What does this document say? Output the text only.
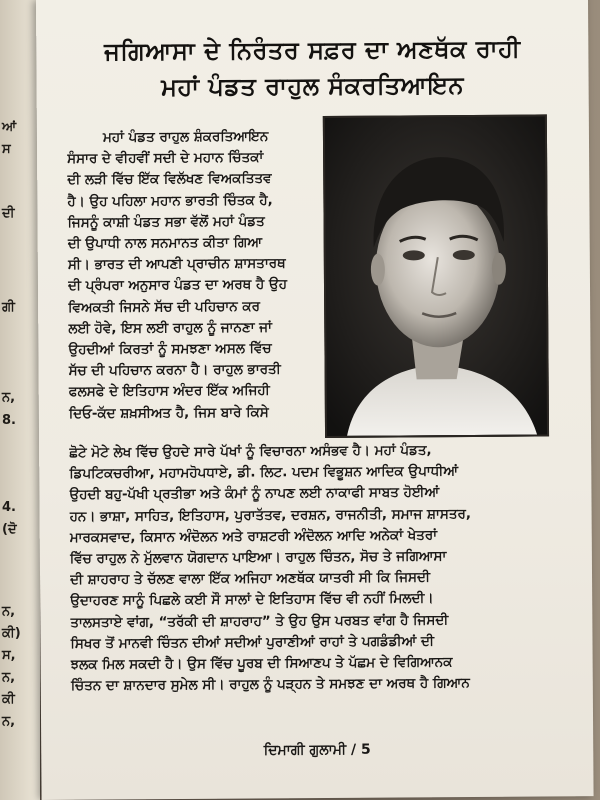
ਆਂ
ਸ
ਦੀ
ਗੀ
ਨ,
8.
4.
(ਦੋ
ਨ,
ਕੀ)
ਸ,
ਨ,
ਕੀ
ਨ,
ਜਗਿਆਸਾ ਦੇ ਨਿਰੰਤਰ ਸਫ਼ਰ ਦਾ ਅਣਥੱਕ ਰਾਹੀ
ਮਹਾਂ ਪੰਡਤ ਰਾਹੁਲ ਸੰਕਰਤਿਆਇਨ
ਮਹਾਂ ਪੰਡਤ ਰਾਹੁਲ ਸ਼ੰਕਰਤਿਆਇਨ
ਸੰਸਾਰ ਦੇ ਵੀਹਵੀਂ ਸਦੀ ਦੇ ਮਹਾਨ ਚਿੰਤਕਾਂ
ਦੀ ਲੜੀ ਵਿੱਚ ਇੱਕ ਵਿਲੱਖਣ ਵਿਅਕਤਿਤਵ
ਹੈ। ਉਹ ਪਹਿਲਾ ਮਹਾਨ ਭਾਰਤੀ ਚਿੰਤਕ ਹੈ,
ਜਿਸਨੂੰ ਕਾਸ਼ੀ ਪੰਡਤ ਸਭਾ ਵੱਲੋਂ ਮਹਾਂ ਪੰਡਤ
ਦੀ ਉਪਾਧੀ ਨਾਲ ਸਨਮਾਨਤ ਕੀਤਾ ਗਿਆ
ਸੀ। ਭਾਰਤ ਦੀ ਆਪਣੀ ਪ੍ਰਾਚੀਨ ਸ਼ਾਸਤਾਰਥ
ਦੀ ਪ੍ਰੰਪਰਾ ਅਨੁਸਾਰ ਪੰਡਤ ਦਾ ਅਰਥ ਹੈ ਉਹ
ਵਿਅਕਤੀ ਜਿਸਨੇ ਸੱਚ ਦੀ ਪਹਿਚਾਨ ਕਰ
ਲਈ ਹੋਵੇ, ਇਸ ਲਈ ਰਾਹੁਲ ਨੂੰ ਜਾਨਣਾ ਜਾਂ
ਉਹਦੀਆਂ ਕਿਰਤਾਂ ਨੂੰ ਸਮਝਣਾ ਅਸਲ ਵਿੱਚ
ਸੱਚ ਦੀ ਪਹਿਚਾਨ ਕਰਨਾ ਹੈ। ਰਾਹੁਲ ਭਾਰਤੀ
ਫਲਸਫੇ ਦੇ ਇਤਿਹਾਸ ਅੰਦਰ ਇੱਕ ਅਜਿਹੀ
ਦਿਓ-ਕੱਦ ਸ਼ਖ਼ਸੀਅਤ ਹੈ, ਜਿਸ ਬਾਰੇ ਕਿਸੇ
ਛੋਟੇ ਮੋਟੇ ਲੇਖ ਵਿੱਚ ਉਹਦੇ ਸਾਰੇ ਪੱਖਾਂ ਨੂੰ ਵਿਚਾਰਨਾ ਅਸੰਭਵ ਹੈ। ਮਹਾਂ ਪੰਡਤ,
ਡਿਪਟਿਕਚਰੀਆ, ਮਹਾਮਹੋਪਧਾਏ, ਡੀ. ਲਿਟ. ਪਦਮ ਵਿਭੂਸ਼ਨ ਆਦਿਕ ਉਪਾਧੀਆਂ
ਉਹਦੀ ਬਹੁ-ਪੱਖੀ ਪ੍ਰਤੀਭਾ ਅਤੇ ਕੰਮਾਂ ਨੂੰ ਨਾਪਣ ਲਈ ਨਾਕਾਫੀ ਸਾਬਤ ਹੋਈਆਂ
ਹਨ। ਭਾਸ਼ਾ, ਸਾਹਿਤ, ਇਤਿਹਾਸ, ਪੁਰਾਤੱਤਵ, ਦਰਸ਼ਨ, ਰਾਜਨੀਤੀ, ਸਮਾਜ ਸ਼ਾਸਤਰ,
ਮਾਰਕਸਵਾਦ, ਕਿਸਾਨ ਅੰਦੋਲਨ ਅਤੇ ਰਾਸ਼ਟਰੀ ਅੰਦੋਲਨ ਆਦਿ ਅਨੇਕਾਂ ਖੇਤਰਾਂ
ਵਿੱਚ ਰਾਹੁਲ ਨੇ ਮੁੱਲਵਾਨ ਯੋਗਦਾਨ ਪਾਇਆ। ਰਾਹੁਲ ਚਿੰਤਨ, ਸੋਚ ਤੇ ਜਗਿਆਸਾ
ਦੀ ਸ਼ਾਹਰਾਹ ਤੇ ਚੱਲਣ ਵਾਲਾ ਇੱਕ ਅਜਿਹਾ ਅਣਥੱਕ ਯਾਤਰੀ ਸੀ ਕਿ ਜਿਸਦੀ
ਉਦਾਹਰਣ ਸਾਨੂੰ ਪਿਛਲੇ ਕਈ ਸੌ ਸਾਲਾਂ ਦੇ ਇਤਿਹਾਸ ਵਿੱਚ ਵੀ ਨਹੀਂ ਮਿਲਦੀ।
ਤਾਲਸਤਾਏ ਵਾਂਗ, “ਤਰੱਕੀ ਦੀ ਸ਼ਾਹਰਾਹ” ਤੇ ਉਹ ਉਸ ਪਰਬਤ ਵਾਂਗ ਹੈ ਜਿਸਦੀ
ਸਿਖਰ ਤੋਂ ਮਾਨਵੀ ਚਿੰਤਨ ਦੀਆਂ ਸਦੀਆਂ ਪੁਰਾਣੀਆਂ ਰਾਹਾਂ ਤੇ ਪਗਡੰਡੀਆਂ ਦੀ
ਝਲਕ ਮਿਲ ਸਕਦੀ ਹੈ। ਉਸ ਵਿੱਚ ਪੂਰਬ ਦੀ ਸਿਆਣਪ ਤੇ ਪੱਛਮ ਦੇ ਵਿਗਿਆਨਕ
ਚਿੰਤਨ ਦਾ ਸ਼ਾਨਦਾਰ ਸੁਮੇਲ ਸੀ। ਰਾਹੁਲ ਨੂੰ ਪੜ੍ਹਨ ਤੇ ਸਮਝਣ ਦਾ ਅਰਥ ਹੈ ਗਿਆਨ
ਦਿਮਾਗੀ ਗੁਲਾਮੀ / 5
